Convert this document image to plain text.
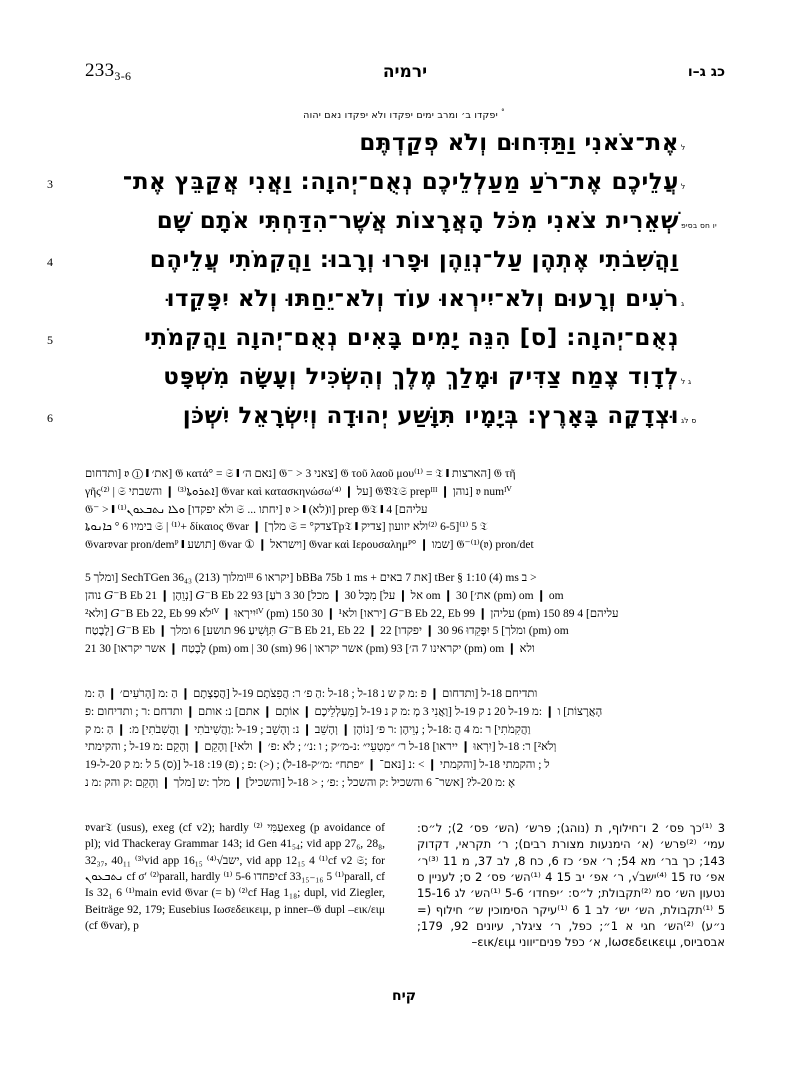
$233_{3-6}$	ירמיה	כג ג–ו
° יפקדו ב׳ ומרב ימים יפקדו ולא יפקדו נאם יהוה
ל
אֶת־צֹאנִי וַתַּדִּחוּם וְלֹא פְקַדְתֶּם
ל
עֲלֵיכֶם אֶת־רֹעַ מַעַלְלֵיכֶם נְאֻם־יְהוָה: וַאֲנִי אֲקַבֵּץ אֶת־
3
יו חס בסיפ
שְׁאֵרִית צֹאנִי מִכֹּל הָאֲרָצוֹת אֲשֶׁר־הִדַּחְתִּי אֹתָם שָׁם
וַהֲשִׁבֹתִי אֶתְהֶן עַל־נְוֵהֶן וּפָרוּ וְרָבוּ: וַהֲקִמֹתִי עֲלֵיהֶם
4
ג
רֹעִים וְרָעוּם וְלֹא־יִירְאוּ עוֹד וְלֹא־יֵחַתּוּ וְלֹא יִפָּקֵדוּ
נְאֻם־יְהוָה: [ס] הִנֵּה יָמִים בָּאִים נְאֻם־יְהוָה וַהֲקִמֹתִי
5
ג ל
לְדָוִד צֶמַח צַדִּיק וּמָלַךְ מֶלֶךְ וְהִשְׂכִּיל וְעָשָׂה מִשְׁפָּט
ס לג
וּצְדָקָה בָּאָרֶץ: בְּיָמָיו תִּוָּשַׁע יְהוּדָה וְיִשְׂרָאֵל יִשְׁכֹּן
6
ותדחום] 𝔳 ① ❙ את׳] 𝔊 κατά° = 𝔖 ❙ נאם ה׳] 𝔊⁻ > 3 צאני] 𝔊 τοῦ λαοῦ μου⁽¹⁾ = 𝔗 ❙ הארצות] 𝔊 τῆ
γῆς⁽²⁾ | 𝔖 ܐܬܪܘܬܐ⁽³⁾ ❙ והשבתי] 𝔊var καὶ κατασκηνώσω⁽⁴⁾ ❙ על] 𝔊𝔙𝔗𝔖 prepᴵᴵᴵ ❙ נוהן] 𝔳 numᴵⱽ
𝔊⁻ > ❙ ולא יפקדו] ܘܠܐ ܢܬܒܥܘܢ⁽¹⁾ 𝔖 ... יחתו] 𝔳 > ❙ ו(לא)] prep 𝔊𝔗 ❙ עליהם] 4
בימיו 6 ° ܟܐܢܘܬܐ 𝔖 | ⁽¹⁾+ δίκαιος 𝔊var ❙ [מלך 𝔖 = °צדקTp𝔗 ❙ צדיק] 5 ⁽¹⁾[6-5 ⁽²⁾ולא יזועון 𝔗
𝔊var𝔳var pron/demᴾ ❙ תושע] 𝔊var ① ❙ וישראל] 𝔊var καὶ Ιερουσαλημᴾ° ❙ שמו] 𝔊⁻⁽¹⁾(𝔳) pron/det
5 ומלך] SechTGen 36₄₃ (213) ומלוךᴵᴵᴵ 6 יקראו] bBBa 75b 1 ms + את 7 באים] tBer § 1:10 (4) ms ב >
נוהן 𝐺⁻B Eb 21 ❙ נְוֵהֶן] 𝐺⁻B Eb 22 אל ❙ על] מִכָּל 30 ❙ מכל] 30 3 רֹעַ] 93 om ❙ את׳] 30 (pm) om ❙ om
ולא²] 𝐺⁻B Eb 22, Eb 99 לֹאᴵⱽ ❙ יִירְאוּᴵⱽ (pm) 150 30 ❙ יראו] ולא¹] 𝐺⁻B Eb 22, Eb 99 ❙ עליהן (pm) 150 89 עליהם] 4
לָבֶטַח] 𝐺⁻B Eb ❙ תִּוָּשִׁיעַ 96 תושע] 6 ומלך 𝐺⁻B Eb 21, Eb 22 ❙ ומלך] 5 יִפָּקֵדוּ 96 30 ❙ יפקדו] 22 (pm) om
21 לָבֶטַח ❙ אשר יקראו] 30 (pm) om | 30 (sm) אשר יקראו | 96 (pm) יקראינו 7 ה׳] 93 (pm) om ❙ ולא
ותדיחם 18-ל [ותדחום ❙ פ :מ ק ש נ 18-ל ; 18-ל :הַ פ׳ ר: הֲפִצֹתֶם 19-ל [הֲפַצְתֶם ❙ הַ :מ [הָרֹעִים׳ ❙ הַ :מ
הָאֲרָצוֹת] ו ❙ :מ 19-ל 20 נ ק 19-ל [וַאֲנִי 3 מְ :מ ק נ 19-ל [מֵעַלְלֵיכֶם ❙ אוֹתָם ❙ אתם] נ: אותם ❙ ותדחם :ר ; ותדיחום :פ
וַהֲקִמֹתִי] ר :מ 4 הֲ :18-ל ; נְוֵיהֶן :ר פ׳ [נוֹהֶן ❙ וְהָשֵׁב ❙ נ: וְהָשֵׁב ; 19-ל :וַהֲשִׁיבֹתִי ❙ וַהֲשִׁבֹתִי] מ: ❙ הַ :מ ק
וְלֹא²] ר: 18-ל [יִרְאוּ ❙ ייראו] 18-ל ר׳ ״מִטְעֵי״ :נ-מ׳׳ק ; ו :נ׳׳ ; לֹא :פ׳ ❙ ולא¹] וְהָקֵם ❙ וְהָקֵם :מ 19-ל ; והקימתי
19-ל ; והקמתי 18-ל [והקמתי ❙ > :נ [נאם־ ❙ ״פתח״ :מ׳׳ק-18-ל) ; (<) :פ ; (פ) 19: 18-ל [(ס) 5 ל :מ ק 20-ל
אָ :מ 20-ל? [אשר־ 6 והשכיל :ק והשכל ; :פ׳ ; < 18-ל [והשכיל] ❙ מלך :ש [מלך ❙ וְהָקֵם :ק והק :מ נ
𝔳var𝔗 (usus), exeg (cf v2); hardly עַמִּי ⁽²⁾exeg (p avoidance of pl); vid Thackeray Grammar 143; id Gen 41₅₄; vid app 27₆, 28₈, 32₃₇, 40₁₁ ⁽³⁾vid app 16₁₅ ⁽⁴⁾√ישב, vid app 12₁₅ 4 ⁽¹⁾cf v2 𝔖; for ܢܬܒܥܘܢ cf σ′ ⁽²⁾parall, hardly יפחדו 5-6 ⁽¹⁾cf 33₁₅₋₁₆ 5 ⁽¹⁾parall, cf Is 32₁ 6 ⁽¹⁾main evid 𝔊var (= b) ⁽²⁾cf Hag 1₁₈; dupl, vid Ziegler, Beiträge 92, 179; Eusebius Ιωσεδεικειμ, p inner–𝔊 dupl –εικ/ειμ (cf 𝔊var), p
3 ⁽¹⁾כך פס׳ 2 ו־חילוף, ת (נוהג); פרש׳ (הש׳ פס׳ 2); ל״ס: עמי׳ ⁽²⁾פרש׳ (א׳ הימנעות מצורת רבים); ר׳ תקראי, דקדוק 143; כך בר׳ מא 54; ר׳ אפ׳ כז 6, כח 8, לב 37, מ 11 ⁽³⁾ר׳ אפ׳ טז 15 ⁽⁴⁾ישב√, ר׳ אפ׳ יב 15 4 ⁽¹⁾הש׳ פס׳ 2 ס; לעניין ס נטעון הש׳ סמ ⁽²⁾תקבולת; ל״ס: ׳יפחדו׳ 5-6 ⁽¹⁾הש׳ לג 15-16 5 ⁽¹⁾תקבולת, הש׳ יש׳ לב 1 6 ⁽¹⁾עיקר הסימוכין ש״ חילוף (= נ״ע) ⁽²⁾הש׳ חגי א 1״; כפל, ר׳ ציגלר, עיונים 92, 179; אבסביוס, Ιωσεδεικειμ, א׳ כפל פנים־יווני εικ/ειμ–
קיח
